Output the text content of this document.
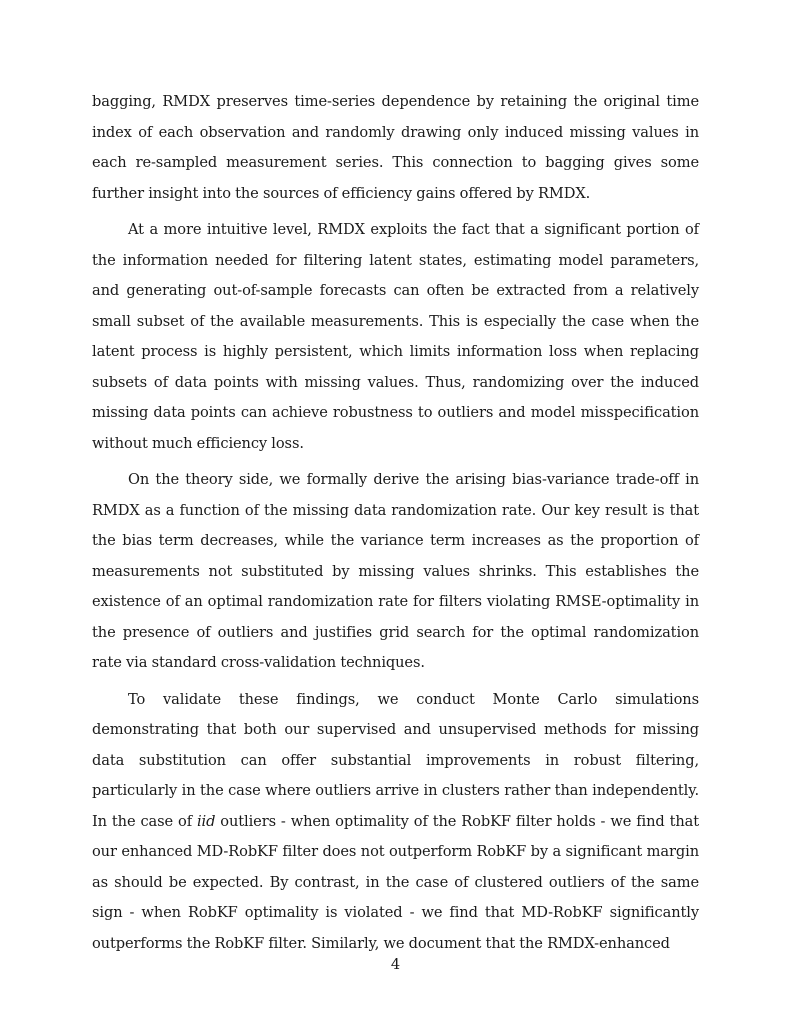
bagging, RMDX preserves time-series dependence by retaining the original time index of each observation and randomly drawing only induced missing values in each re-sampled measurement series. This connection to bagging gives some further insight into the sources of efficiency gains offered by RMDX.

At a more intuitive level, RMDX exploits the fact that a significant portion of the information needed for filtering latent states, estimating model parameters, and generating out-of-sample forecasts can often be extracted from a relatively small subset of the available measurements. This is especially the case when the latent process is highly persistent, which limits information loss when replacing subsets of data points with missing values. Thus, randomizing over the induced missing data points can achieve robustness to outliers and model misspecification without much efficiency loss.

On the theory side, we formally derive the arising bias-variance trade-off in RMDX as a function of the missing data randomization rate. Our key result is that the bias term decreases, while the variance term increases as the proportion of measurements not substituted by missing values shrinks. This establishes the existence of an optimal randomization rate for filters violating RMSE-optimality in the presence of outliers and justifies grid search for the optimal randomization rate via standard cross-validation techniques.

To validate these findings, we conduct Monte Carlo simulations demonstrating that both our supervised and unsupervised methods for missing data substitution can offer substantial improvements in robust filtering, particularly in the case where outliers arrive in clusters rather than independently. In the case of iid outliers - when optimality of the RobKF filter holds - we find that our enhanced MD-RobKF filter does not outperform RobKF by a significant margin as should be expected. By contrast, in the case of clustered outliers of the same sign - when RobKF optimality is violated - we find that MD-RobKF significantly outperforms the RobKF filter. Similarly, we document that the RMDX-enhanced

4
